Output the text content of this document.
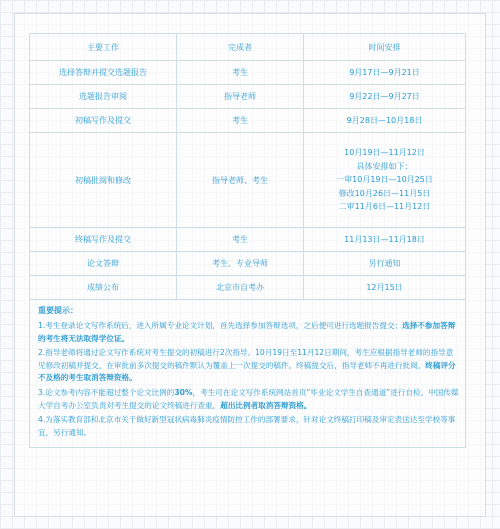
主要工作	完成者	时间安排
选择答辩并提交选题报告	考生	9月17日—9月21日
选题报告审阅	指导老师	9月22日—9月27日
初稿写作及提交	考生	9月28日—10月18日
初稿批阅和修改	指导老师、考生	10月19日—11月12日
具体安排如下：
一审10月19日—10月25日
修改10月26日—11月5日
二审11月6日—11月12日

终稿写作及提交	考生	11月13日—11月18日
论文答辩	考生、专业导师	另行通知
成绩公布	北京市自考办	12月15日

重要提示：
1.考生登录论文写作系统后，进入所属专业论文计划，首先选择参加答辩选项，之后便可进行选题报告提交；选择不参加答辩的考生将无法取得学位证。
2.指导老师将通过论文写作系统对考生提交的初稿进行2次指导。10月19日至11月12日期间，考生应根据指导老师的指导意见修改初稿并提交，在审批前多次提交的稿件默认为覆盖上一次提交的稿件。终稿提交后，指导老师不再进行批阅。终稿评分不及格的考生取消答辩资格。
3.论文参考内容不能超过整个论文比例的30%，考生可在论文写作系统网站首页“毕业论文学生自查通道”进行自检。中国传媒大学自考办公室负责对考生提交的论文终稿进行查重，超出比例者取消答辩资格。
4.为落实教育部和北京市关于做好新型冠状病毒肺炎疫情防控工作的部署要求，针对论文终稿打印稿及审定表送达至学校等事宜，另行通知。		
